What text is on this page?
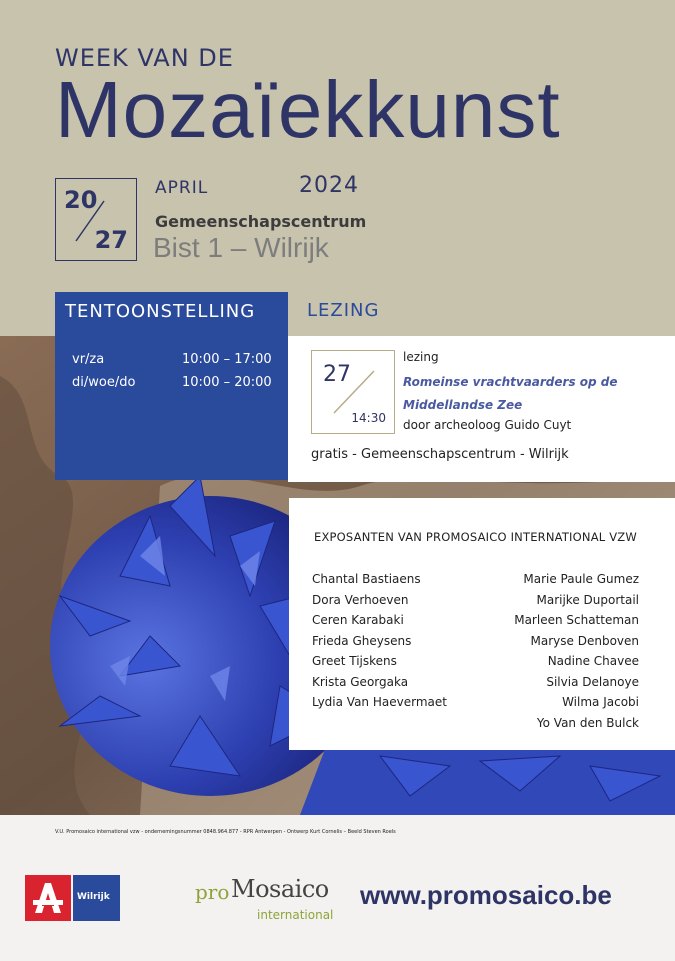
WEEK VAN DE
Mozaïekkunst
20
27
APRIL	2024
Gemeenschapscentrum
Bist 1 – Wilrijk
TENTOONSTELLING	LEZING
vr/za	10:00 – 17:00
di/woe/do	10:00 – 20:00 27
14:30
lezing
Romeinse vrachtvaarders op de Middellandse Zee
door archeoloog Guido Cuyt
gratis - Gemeenschapscentrum - Wilrijk
EXPOSANTEN VAN PROMOSAICO INTERNATIONAL VZW
Chantal Bastiaens
Dora Verhoeven
Ceren Karabaki
Frieda Gheysens
Greet Tijskens
Krista Georgaka
Lydia Van Haevermaet
Marie Paule Gumez
Marijke Duportail
Marleen Schatteman
Maryse Denboven
Nadine Chavee
Silvia Delanoye
Wilma Jacobi
Yo Van den Bulck
V.U. Promosaico international vzw - ondernemingsnummer 0848.964.877 - RPR Antwerpen - Ontwerp Kurt Cornelis – Beeld Steven Roels
Wilrijk	pro Mosaico
international
www.promosaico.be
